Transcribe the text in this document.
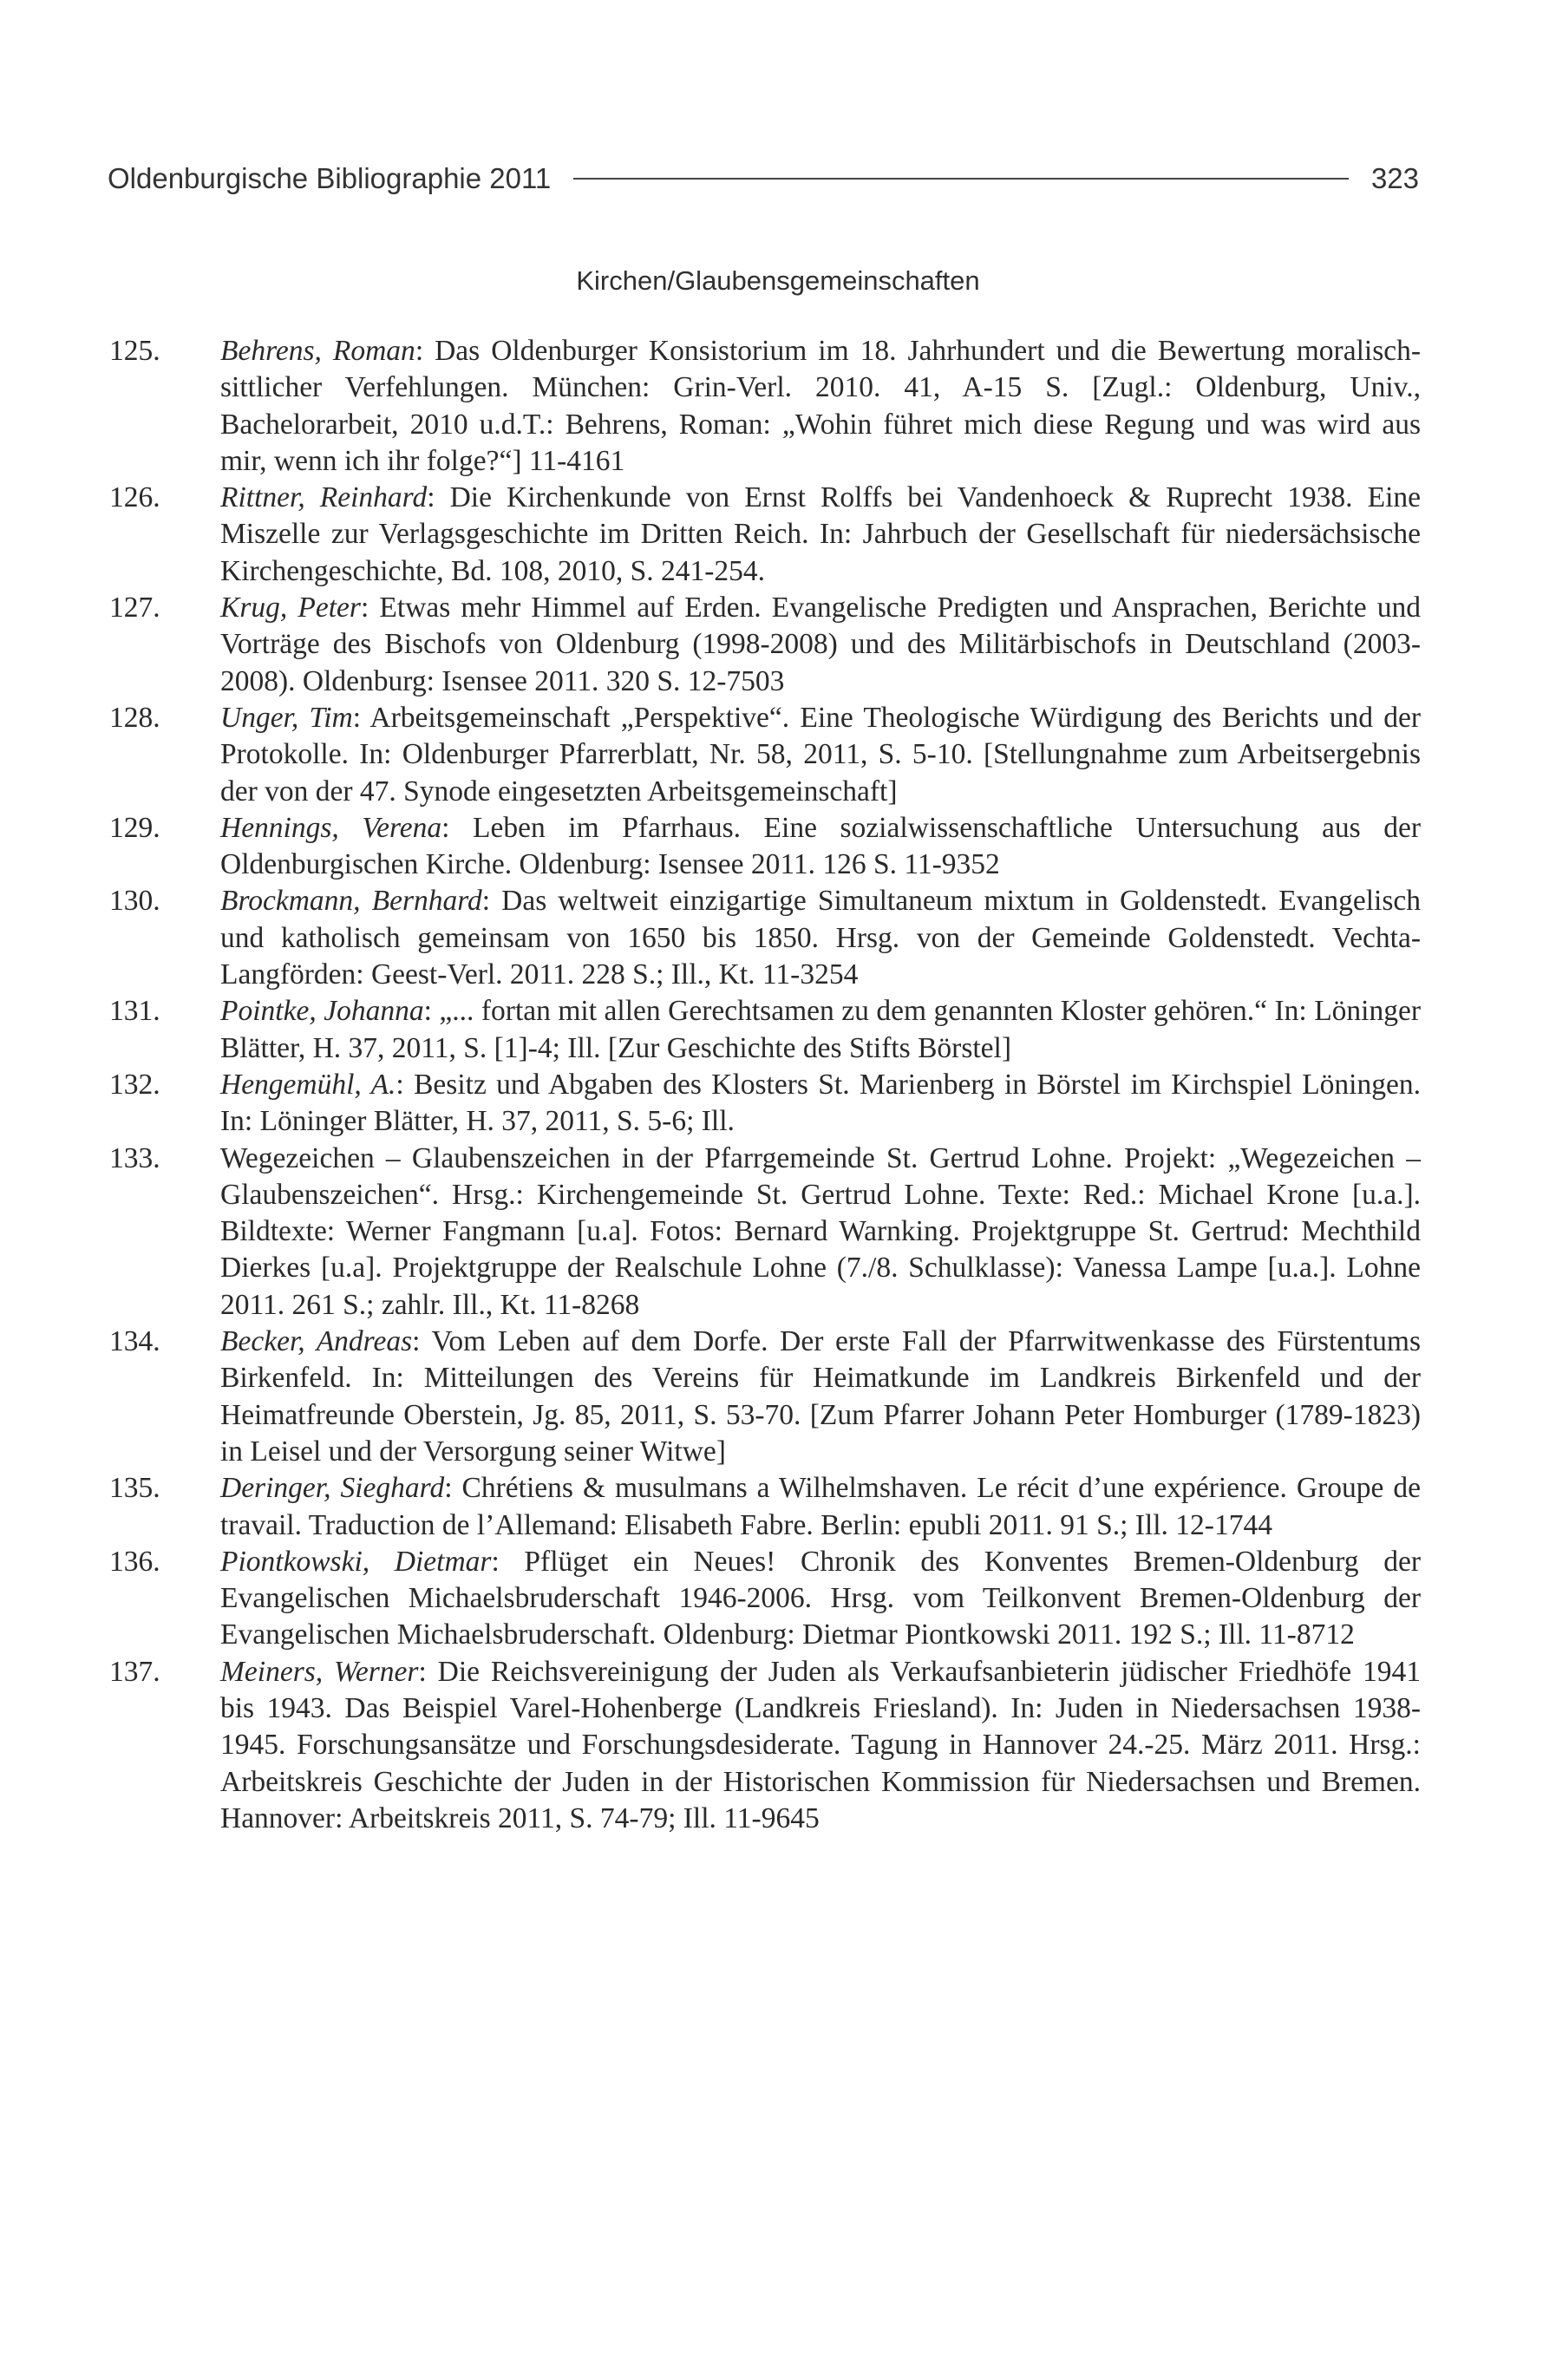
Oldenburgische Bibliographie 2011	323
Kirchen/Glaubensgemeinschaften
125.	Behrens, Roman: Das Oldenburger Konsistorium im 18. Jahrhundert und die Bewertung moralisch-sittlicher Verfehlungen. München: Grin-Verl. 2010. 41, A-15 S. [Zugl.: Oldenburg, Univ., Bachelorarbeit, 2010 u.d.T.: Behrens, Roman: „Wohin führet mich diese Regung und was wird aus mir, wenn ich ihr folge?“] 11-4161
126.	Rittner, Reinhard: Die Kirchenkunde von Ernst Rolffs bei Vandenhoeck & Ruprecht 1938. Eine Miszelle zur Verlagsgeschichte im Dritten Reich. In: Jahrbuch der Gesellschaft für niedersächsische Kirchengeschichte, Bd. 108, 2010, S. 241-254.
127.	Krug, Peter: Etwas mehr Himmel auf Erden. Evangelische Predigten und Ansprachen, Berichte und Vorträge des Bischofs von Oldenburg (1998-2008) und des Militärbischofs in Deutschland (2003-2008). Oldenburg: Isensee 2011. 320 S. 12-7503
128.	Unger, Tim: Arbeitsgemeinschaft „Perspektive“. Eine Theologische Würdigung des Berichts und der Protokolle. In: Oldenburger Pfarrerblatt, Nr. 58, 2011, S. 5-10. [Stellungnahme zum Arbeitsergebnis der von der 47. Synode eingesetzten Arbeitsgemeinschaft]
129.	Hennings, Verena: Leben im Pfarrhaus. Eine sozialwissenschaftliche Untersuchung aus der Oldenburgischen Kirche. Oldenburg: Isensee 2011. 126 S. 11-9352
130.	Brockmann, Bernhard: Das weltweit einzigartige Simultaneum mixtum in Goldenstedt. Evangelisch und katholisch gemeinsam von 1650 bis 1850. Hrsg. von der Gemeinde Goldenstedt. Vechta-Langförden: Geest-Verl. 2011. 228 S.; Ill., Kt. 11-3254
131.	Pointke, Johanna: „... fortan mit allen Gerechtsamen zu dem genannten Kloster gehören.“ In: Löninger Blätter, H. 37, 2011, S. [1]-4; Ill. [Zur Geschichte des Stifts Börstel]
132.	Hengemühl, A.: Besitz und Abgaben des Klosters St. Marienberg in Börstel im Kirchspiel Löningen. In: Löninger Blätter, H. 37, 2011, S. 5-6; Ill.
133.	Wegezeichen – Glaubenszeichen in der Pfarrgemeinde St. Gertrud Lohne. Projekt: „Wegezeichen – Glaubenszeichen“. Hrsg.: Kirchengemeinde St. Gertrud Lohne. Texte: Red.: Michael Krone [u.a.]. Bildtexte: Werner Fangmann [u.a]. Fotos: Bernard Warnking. Projektgruppe St. Gertrud: Mechthild Dierkes [u.a]. Projektgruppe der Realschule Lohne (7./8. Schulklasse): Vanessa Lampe [u.a.]. Lohne 2011. 261 S.; zahlr. Ill., Kt. 11-8268
134.	Becker, Andreas: Vom Leben auf dem Dorfe. Der erste Fall der Pfarrwitwenkasse des Fürstentums Birkenfeld. In: Mitteilungen des Vereins für Heimatkunde im Landkreis Birkenfeld und der Heimatfreunde Oberstein, Jg. 85, 2011, S. 53-70. [Zum Pfarrer Johann Peter Homburger (1789-1823) in Leisel und der Versorgung seiner Witwe]
135.	Deringer, Sieghard: Chrétiens & musulmans a Wilhelmshaven. Le récit d’une expérience. Groupe de travail. Traduction de l’Allemand: Elisabeth Fabre. Berlin: epubli 2011. 91 S.; Ill. 12-1744
136.	Piontkowski, Dietmar: Pflüget ein Neues! Chronik des Konventes Bremen-Oldenburg der Evangelischen Michaelsbruderschaft 1946-2006. Hrsg. vom Teilkonvent Bremen-Oldenburg der Evangelischen Michaelsbruderschaft. Oldenburg: Dietmar Piontkowski 2011. 192 S.; Ill. 11-8712
137.	Meiners, Werner: Die Reichsvereinigung der Juden als Verkaufsanbieterin jüdischer Friedhöfe 1941 bis 1943. Das Beispiel Varel-Hohenberge (Landkreis Friesland). In: Juden in Niedersachsen 1938-1945. Forschungsansätze und Forschungsdesiderate. Tagung in Hannover 24.-25. März 2011. Hrsg.: Arbeitskreis Geschichte der Juden in der Historischen Kommission für Niedersachsen und Bremen. Hannover: Arbeitskreis 2011, S. 74-79; Ill. 11-9645
